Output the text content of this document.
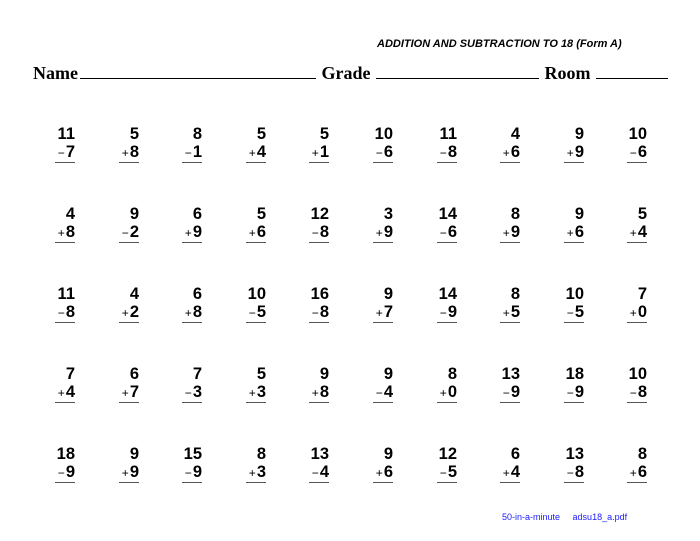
ADDITION AND SUBTRACTION TO 18 (Form A)
Name	Grade	Room
11
−7
5
+8
8
−1
5
+4
5
+1
10
−6
11
−8
4
+6
9
+9
10
−6
4
+8
9
−2
6
+9
5
+6
12
−8
3
+9
14
−6
8
+9
9
+6
5
+4
11
−8
4
+2
6
+8
10
−5
16
−8
9
+7
14
−9
8
+5
10
−5
7
+0
7
+4
6
+7
7
−3
5
+3
9
+8
9
−4
8
+0
13
−9
18
−9
10
−8
18
−9
9
+9
15
−9
8
+3
13
−4
9
+6
12
−5
6
+4
13
−8
8
+6
50-in-a-minute adsu18_a.pdf
